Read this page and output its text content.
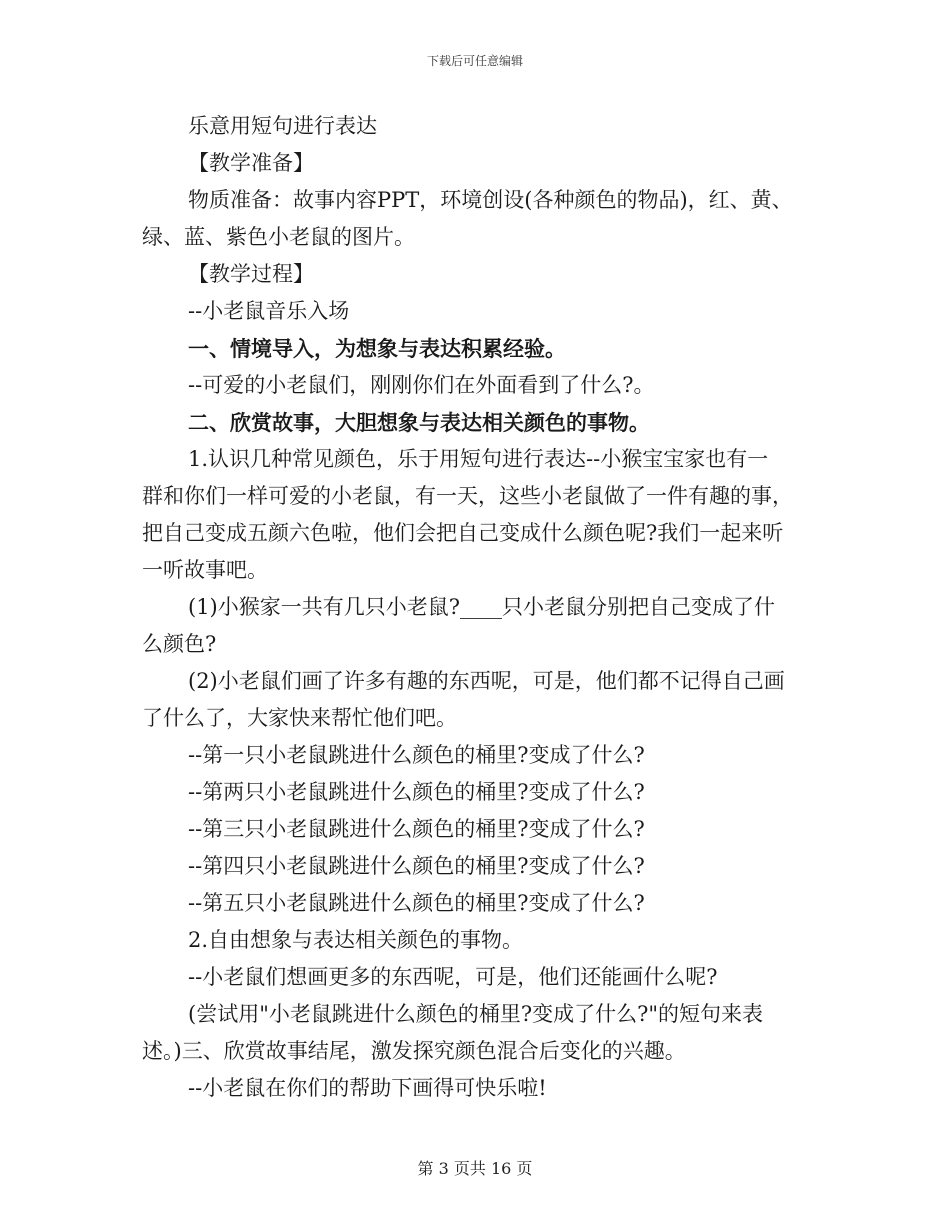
下载后可任意编辑
乐意用短句进行表达
【教学准备】
物质准备：故事内容PPT，环境创设(各种颜色的物品)，红、黄、
绿、蓝、紫色小老鼠的图片。
【教学过程】
--小老鼠音乐入场
一、情境导入，为想象与表达积累经验。
--可爱的小老鼠们，刚刚你们在外面看到了什么?。
二、欣赏故事，大胆想象与表达相关颜色的事物。
1.认识几种常见颜色，乐于用短句进行表达--小猴宝宝家也有一
群和你们一样可爱的小老鼠，有一天，这些小老鼠做了一件有趣的事，
把自己变成五颜六色啦，他们会把自己变成什么颜色呢?我们一起来听
一听故事吧。
(1)小猴家一共有几只小老鼠?____只小老鼠分别把自己变成了什
么颜色?
(2)小老鼠们画了许多有趣的东西呢，可是，他们都不记得自己画
了什么了，大家快来帮忙他们吧。
--第一只小老鼠跳进什么颜色的桶里?变成了什么?
--第两只小老鼠跳进什么颜色的桶里?变成了什么?
--第三只小老鼠跳进什么颜色的桶里?变成了什么?
--第四只小老鼠跳进什么颜色的桶里?变成了什么?
--第五只小老鼠跳进什么颜色的桶里?变成了什么?
2.自由想象与表达相关颜色的事物。
--小老鼠们想画更多的东西呢，可是，他们还能画什么呢?
(尝试用"小老鼠跳进什么颜色的桶里?变成了什么?"的短句来表
述。)三、欣赏故事结尾，激发探究颜色混合后变化的兴趣。
--小老鼠在你们的帮助下画得可快乐啦!
第 3 页共 16 页
